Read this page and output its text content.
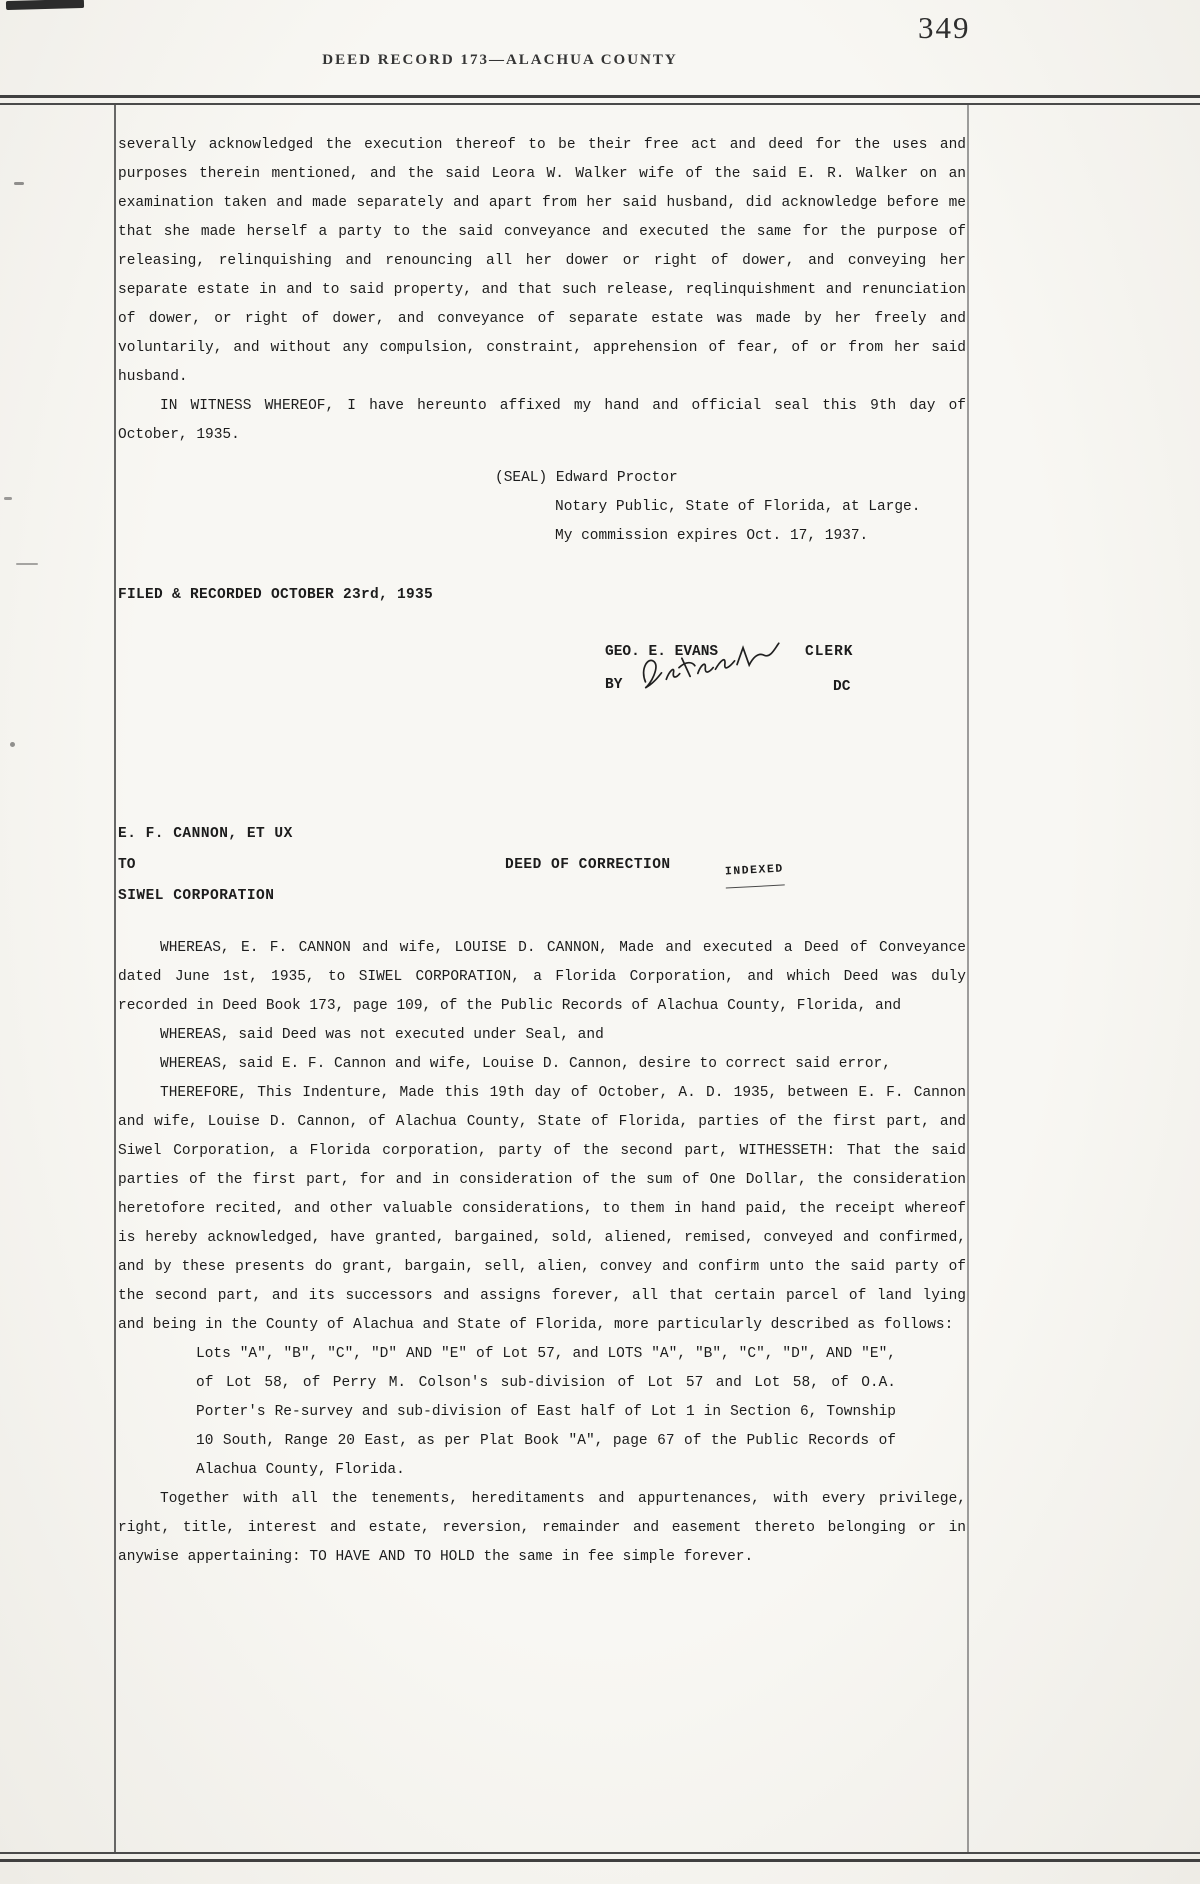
349
DEED RECORD 173—ALACHUA COUNTY

severally acknowledged the execution thereof to be their free act and deed for the uses and purposes therein mentioned, and the said Leora W. Walker wife of the said E. R. Walker on an examination taken and made separately and apart from her said husband, did acknowledge before me that she made herself a party to the said conveyance and executed the same for the purpose of releasing, relinquishing and renouncing all her dower or right of dower, and conveying her separate estate in and to said property, and that such release, reqlinquishment and renunciation of dower, or right of dower, and conveyance of separate estate was made by her freely and voluntarily, and without any compulsion, constraint, apprehension of fear, of or from her said husband.

IN WITNESS WHEREOF, I have hereunto affixed my hand and official seal this 9th day of October, 1935.

(SEAL) Edward Proctor
Notary Public, State of Florida, at Large.
My commission expires Oct. 17, 1937.
FILED & RECORDED OCTOBER 23rd, 1935
GEO. E. EVANS	CLERK
BY	DC
E. F. CANNON, ET UX
TO	DEED OF CORRECTION	INDEXED
SIWEL CORPORATION

WHEREAS, E. F. CANNON and wife, LOUISE D. CANNON, Made and executed a Deed of Conveyance dated June 1st, 1935, to SIWEL CORPORATION, a Florida Corporation, and which Deed was duly recorded in Deed Book 173, page 109, of the Public Records of Alachua County, Florida, and

WHEREAS, said Deed was not executed under Seal, and

WHEREAS, said E. F. Cannon and wife, Louise D. Cannon, desire to correct said error,

THEREFORE, This Indenture, Made this 19th day of October, A. D. 1935, between E. F. Cannon and wife, Louise D. Cannon, of Alachua County, State of Florida, parties of the first part, and Siwel Corporation, a Florida corporation, party of the second part, WITHESSETH: That the said parties of the first part, for and in consideration of the sum of One Dollar, the consideration heretofore recited, and other valuable considerations, to them in hand paid, the receipt whereof is hereby acknowledged, have granted, bargained, sold, aliened, remised, conveyed and confirmed, and by these presents do grant, bargain, sell, alien, convey and confirm unto the said party of the second part, and its successors and assigns forever, all that certain parcel of land lying and being in the County of Alachua and State of Florida, more particularly described as follows:

Lots "A", "B", "C", "D" AND "E" of Lot 57, and LOTS "A", "B", "C", "D", AND "E", of Lot 58, of Perry M. Colson's sub-division of Lot 57 and Lot 58, of O.A. Porter's Re-survey and sub-division of East half of Lot 1 in Section 6, Township 10 South, Range 20 East, as per Plat Book "A", page 67 of the Public Records of Alachua County, Florida.

Together with all the tenements, hereditaments and appurtenances, with every privilege, right, title, interest and estate, reversion, remainder and easement thereto belonging or in anywise appertaining: TO HAVE AND TO HOLD the same in fee simple forever.
